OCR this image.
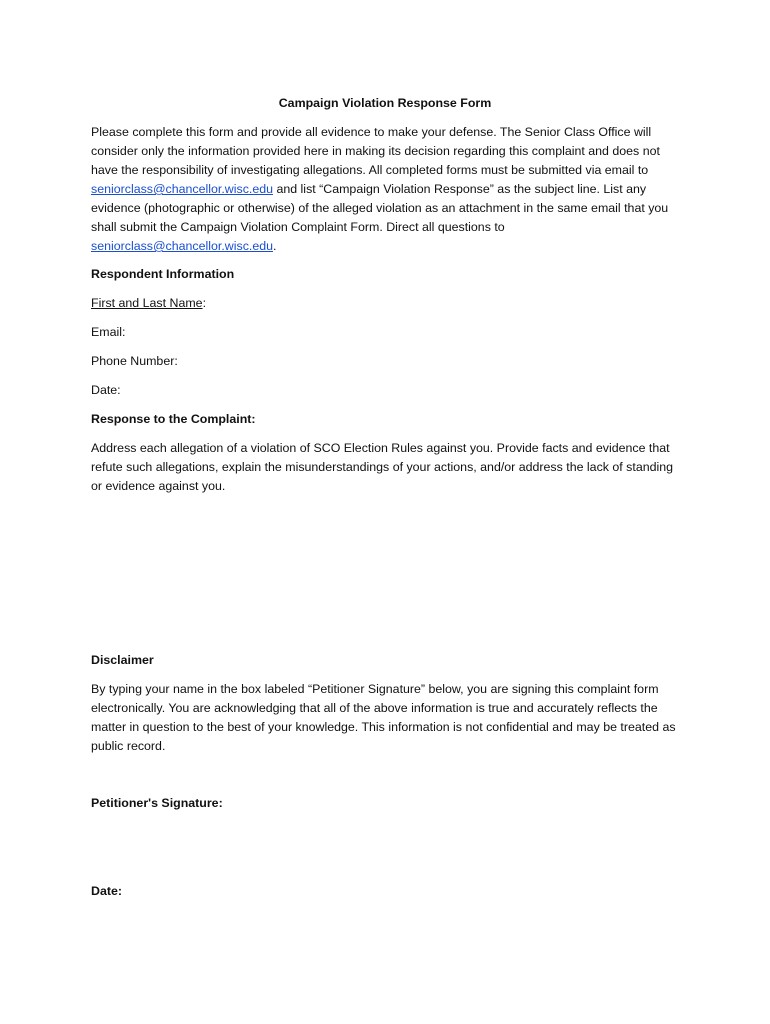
Campaign Violation Response Form

Please complete this form and provide all evidence to make your defense. The Senior Class Office will consider only the information provided here in making its decision regarding this complaint and does not have the responsibility of investigating allegations. All completed forms must be submitted via email to seniorclass@chancellor.wisc.edu and list “Campaign Violation Response” as the subject line. List any evidence (photographic or otherwise) of the alleged violation as an attachment in the same email that you shall submit the Campaign Violation Complaint Form. Direct all questions to seniorclass@chancellor.wisc.edu.

Respondent Information
First and Last Name:
Email:
Phone Number:
Date:
Response to the Complaint:

Address each allegation of a violation of SCO Election Rules against you. Provide facts and evidence that refute such allegations, explain the misunderstandings of your actions, and/or address the lack of standing or evidence against you.

Disclaimer

By typing your name in the box labeled “Petitioner Signature” below, you are signing this complaint form electronically. You are acknowledging that all of the above information is true and accurately reflects the matter in question to the best of your knowledge. This information is not confidential and may be treated as public record.

Petitioner's Signature:
Date:
